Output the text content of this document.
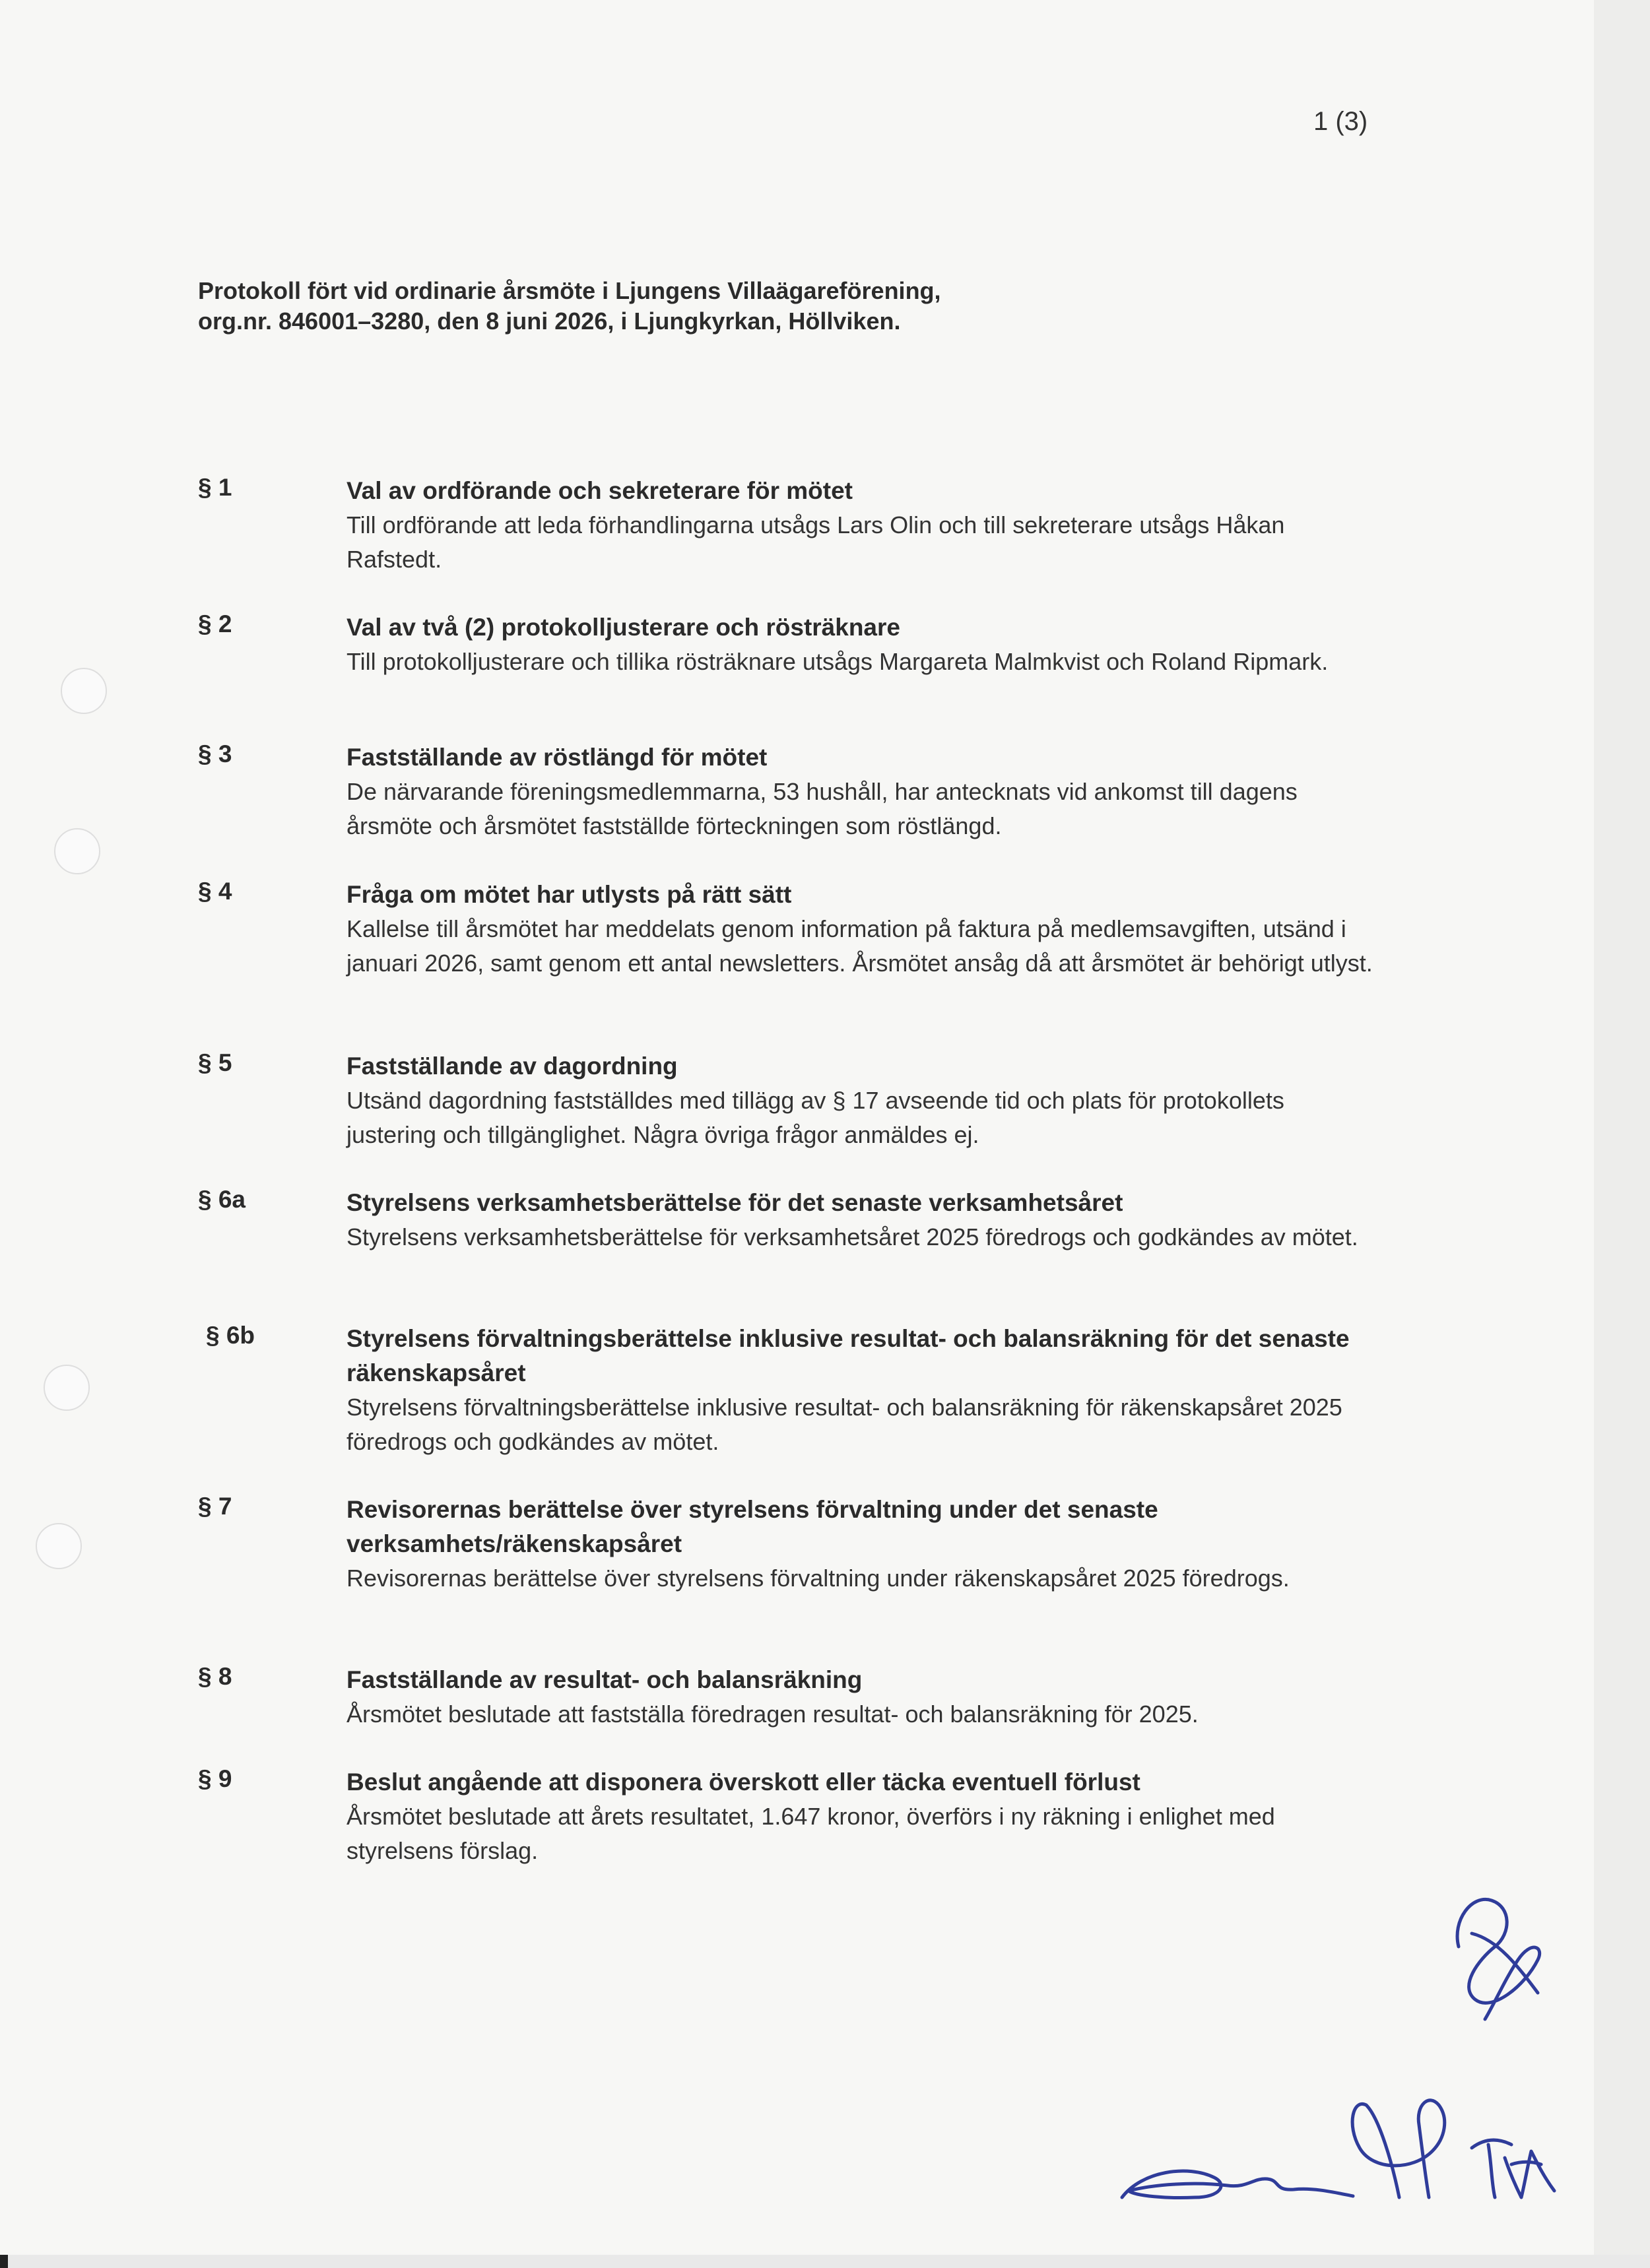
1 (3)
Protokoll fört vid ordinarie årsmöte i Ljungens Villaägareförening,
org.nr. 846001–3280, den 8 juni 2026, i Ljungkyrkan, Höllviken.
§ 1	Val av ordförande och sekreterare för mötet
Till ordförande att leda förhandlingarna utsågs Lars Olin och till sekreterare utsågs Håkan Rafstedt.
§ 2	Val av två (2) protokolljusterare och rösträknare
Till protokolljusterare och tillika rösträknare utsågs Margareta Malmkvist och Roland Ripmark.
§ 3	Fastställande av röstlängd för mötet
De närvarande föreningsmedlemmarna, 53 hushåll, har antecknats vid ankomst till dagens årsmöte och årsmötet fastställde förteckningen som röstlängd.
§ 4	Fråga om mötet har utlysts på rätt sätt
Kallelse till årsmötet har meddelats genom information på faktura på medlemsavgiften, utsänd i januari 2026, samt genom ett antal newsletters. Årsmötet ansåg då att årsmötet är behörigt utlyst.
§ 5	Fastställande av dagordning
Utsänd dagordning fastställdes med tillägg av § 17 avseende tid och plats för protokollets justering och tillgänglighet. Några övriga frågor anmäldes ej.
§ 6a	Styrelsens verksamhetsberättelse för det senaste verksamhetsåret
Styrelsens verksamhetsberättelse för verksamhetsåret 2025 föredrogs och godkändes av mötet.
§ 6b	Styrelsens förvaltningsberättelse inklusive resultat- och balansräkning för det senaste räkenskapsåret
Styrelsens förvaltningsberättelse inklusive resultat- och balansräkning för räkenskapsåret 2025 föredrogs och godkändes av mötet.
§ 7	Revisorernas berättelse över styrelsens förvaltning under det senaste verksamhets/räkenskapsåret
Revisorernas berättelse över styrelsens förvaltning under räkenskapsåret 2025 föredrogs.
§ 8	Fastställande av resultat- och balansräkning
Årsmötet beslutade att fastställa föredragen resultat- och balansräkning för 2025.
§ 9	Beslut angående att disponera överskott eller täcka eventuell förlust
Årsmötet beslutade att årets resultatet, 1.647 kronor, överförs i ny räkning i enlighet med styrelsens förslag.
